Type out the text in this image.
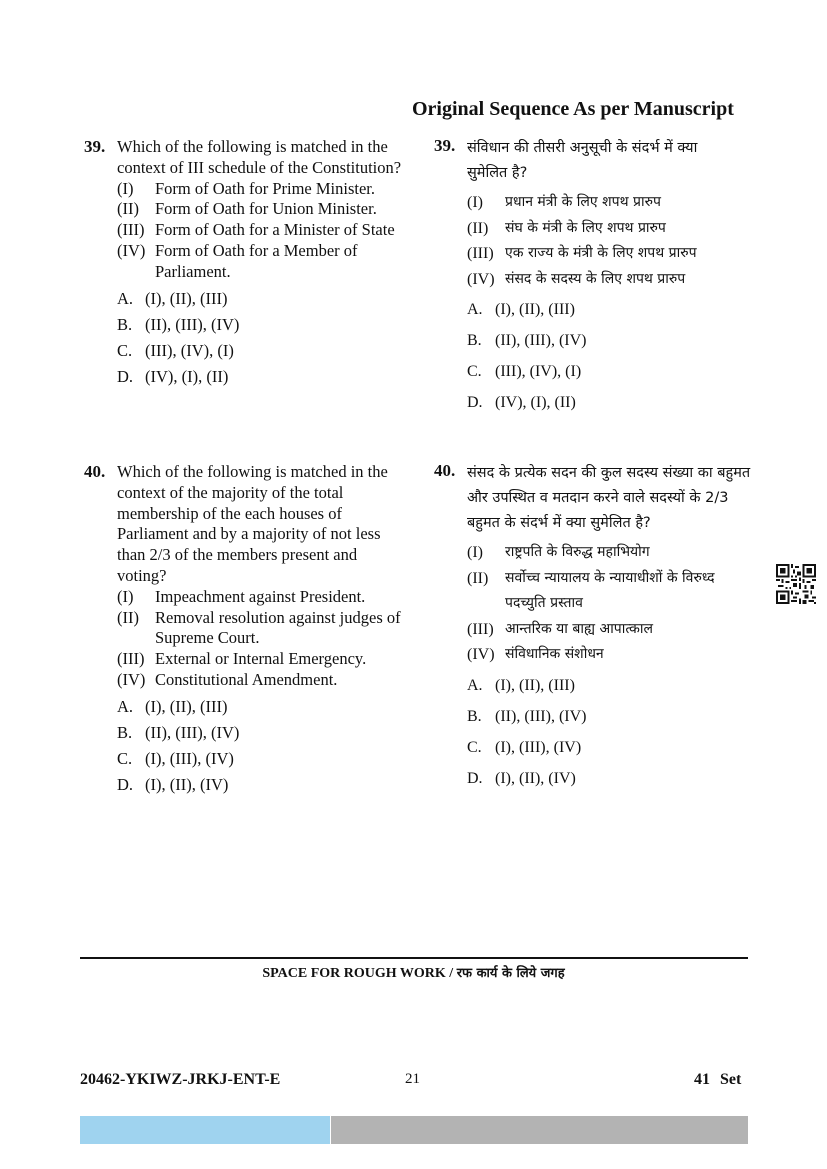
Original Sequence As per Manuscript
39. Which of the following is matched in the context of III schedule of the Constitution?
(I)	Form of Oath for Prime Minister.
(II) Form of Oath for Union Minister.
(III) Form of Oath for a Minister of State
(IV) Form of Oath for a Member of Parliament.
A. (I), (II), (III)
B. (II), (III), (IV)
C. (III), (IV), (I)
D. (IV), (I), (II)
40. Which of the following is matched in the context of the majority of the total membership of the each houses of Parliament and by a majority of not less than 2/3 of the members present and voting?
(I)	Impeachment against President.
(II) Removal resolution against judges of Supreme Court.
(III) External or Internal Emergency.
(IV) Constitutional Amendment.
A. (I), (II), (III)
B. (II), (III), (IV)
C. (I), (III), (IV)
D. (I), (II), (IV)
39. संविधान की तीसरी अनुसूची के संदर्भ में क्या सुमेलित है?
(I)	प्रधान मंत्री के लिए शपथ प्रारुप
(II)	संघ के मंत्री के लिए शपथ प्रारुप
(III) एक राज्य के मंत्री के लिए शपथ प्रारुप
(IV) संसद के सदस्य के लिए शपथ प्रारुप
A. (I), (II), (III)
B. (II), (III), (IV)
C. (III), (IV), (I)
D. (IV), (I), (II)
40. संसद के प्रत्येक सदन की कुल सदस्य संख्या का बहुमत और उपस्थित व मतदान करने वाले सदस्यों के 2/3 बहुमत के संदर्भ में क्या सुमेलित है?
(I)	राष्ट्रपति के विरुद्ध महाभियोग
(II)	सर्वोच्च न्यायालय के न्यायाधीशों के विरुध्द पदच्युति प्रस्ताव
(III) आन्तरिक या बाह्य आपात्काल
(IV) संविधानिक संशोधन
A. (I), (II), (III)
B. (II), (III), (IV)
C. (I), (III), (IV)
D. (I), (II), (IV)
SPACE FOR ROUGH WORK / रफ कार्य के लिये जगह
20462-YKIWZ-JRKJ-ENT-E	21	41 Set
